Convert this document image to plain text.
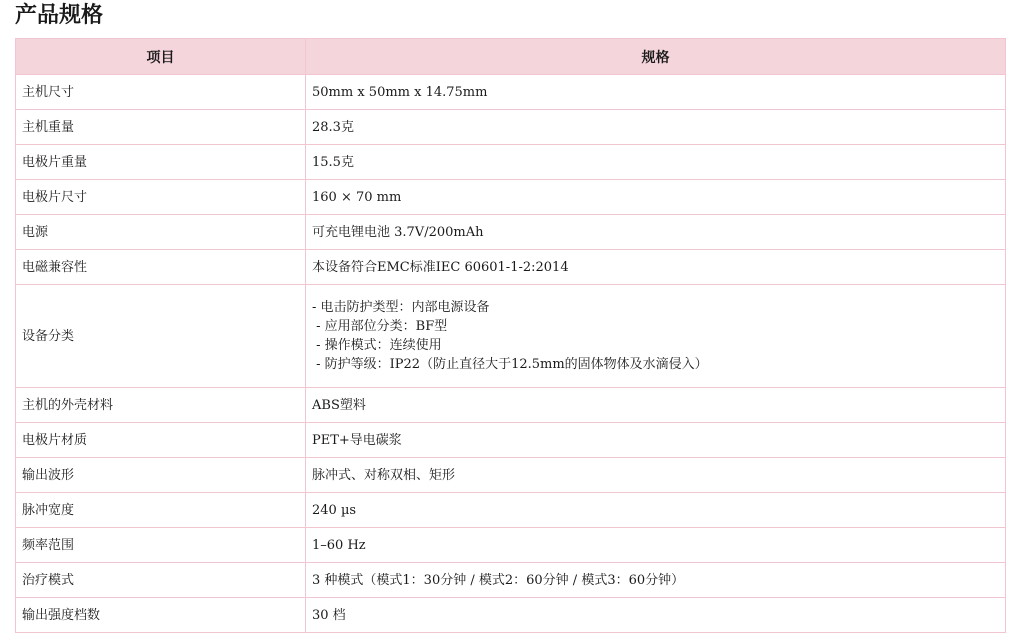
产品规格
项目	规格
主机尺寸	50mm x 50mm x 14.75mm
主机重量	28.3克
电极片重量	15.5克
电极片尺寸	160 × 70 mm
电源	可充电锂电池 3.7V/200mAh
电磁兼容性	本设备符合EMC标准IEC 60601-1-2:2014
设备分类	- 电击防护类型：内部电源设备
- 应用部位分类：BF型
- 操作模式：连续使用
- 防护等级：IP22（防止直径大于12.5mm的固体物体及水滴侵入）

主机的外壳材料	ABS塑料
电极片材质	PET+导电碳浆
输出波形	脉冲式、对称双相、矩形
脉冲宽度	240 µs
频率范围	1–60 Hz
治疗模式	3 种模式（模式1：30分钟 / 模式2：60分钟 / 模式3：60分钟）
输出强度档数	30 档
